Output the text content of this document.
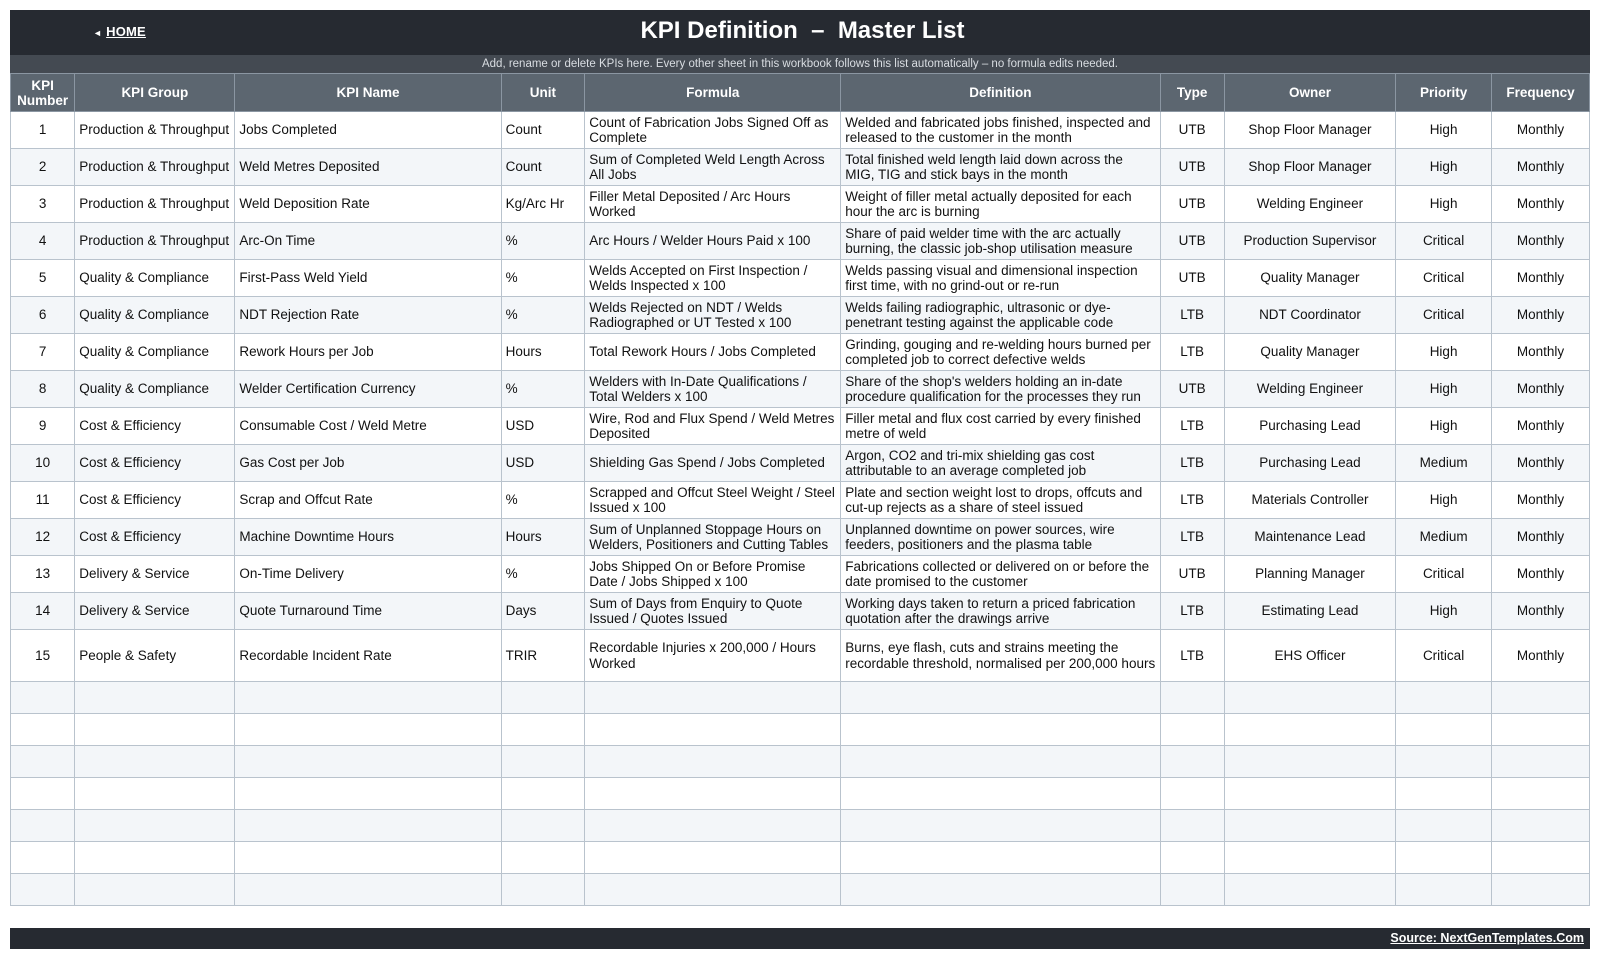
◄ HOME	KPI Definition  –  Master List
Add, rename or delete KPIs here. Every other sheet in this workbook follows this list automatically – no formula edits needed.
KPI Number	KPI Group	KPI Name	Unit	Formula	Definition	Type	Owner	Priority	Frequency
1	Production & Throughput	Jobs Completed	Count	Count of Fabrication Jobs Signed Off as Complete	Welded and fabricated jobs finished, inspected and released to the customer in the month	UTB	Shop Floor Manager	High	Monthly
2	Production & Throughput	Weld Metres Deposited	Count	Sum of Completed Weld Length Across All Jobs	Total finished weld length laid down across the MIG, TIG and stick bays in the month	UTB	Shop Floor Manager	High	Monthly
3	Production & Throughput	Weld Deposition Rate	Kg/Arc Hr	Filler Metal Deposited / Arc Hours Worked	Weight of filler metal actually deposited for each hour the arc is burning	UTB	Welding Engineer	High	Monthly
4	Production & Throughput	Arc-On Time	%	Arc Hours / Welder Hours Paid x 100	Share of paid welder time with the arc actually burning, the classic job-shop utilisation measure	UTB	Production Supervisor	Critical	Monthly
5	Quality & Compliance	First-Pass Weld Yield	%	Welds Accepted on First Inspection / Welds Inspected x 100	Welds passing visual and dimensional inspection first time, with no grind-out or re-run	UTB	Quality Manager	Critical	Monthly
6	Quality & Compliance	NDT Rejection Rate	%	Welds Rejected on NDT / Welds Radiographed or UT Tested x 100	Welds failing radiographic, ultrasonic or dye-penetrant testing against the applicable code	LTB	NDT Coordinator	Critical	Monthly
7	Quality & Compliance	Rework Hours per Job	Hours	Total Rework Hours / Jobs Completed	Grinding, gouging and re-welding hours burned per completed job to correct defective welds	LTB	Quality Manager	High	Monthly
8	Quality & Compliance	Welder Certification Currency	%	Welders with In-Date Qualifications / Total Welders x 100	Share of the shop's welders holding an in-date procedure qualification for the processes they run	UTB	Welding Engineer	High	Monthly
9	Cost & Efficiency	Consumable Cost / Weld Metre	USD	Wire, Rod and Flux Spend / Weld Metres Deposited	Filler metal and flux cost carried by every finished metre of weld	LTB	Purchasing Lead	High	Monthly
10	Cost & Efficiency	Gas Cost per Job	USD	Shielding Gas Spend / Jobs Completed	Argon, CO2 and tri-mix shielding gas cost attributable to an average completed job	LTB	Purchasing Lead	Medium	Monthly
11	Cost & Efficiency	Scrap and Offcut Rate	%	Scrapped and Offcut Steel Weight / Steel Issued x 100	Plate and section weight lost to drops, offcuts and cut-up rejects as a share of steel issued	LTB	Materials Controller	High	Monthly
12	Cost & Efficiency	Machine Downtime Hours	Hours	Sum of Unplanned Stoppage Hours on Welders, Positioners and Cutting Tables	Unplanned downtime on power sources, wire feeders, positioners and the plasma table	LTB	Maintenance Lead	Medium	Monthly
13	Delivery & Service	On-Time Delivery	%	Jobs Shipped On or Before Promise Date / Jobs Shipped x 100	Fabrications collected or delivered on or before the date promised to the customer	UTB	Planning Manager	Critical	Monthly
14	Delivery & Service	Quote Turnaround Time	Days	Sum of Days from Enquiry to Quote Issued / Quotes Issued	Working days taken to return a priced fabrication quotation after the drawings arrive	LTB	Estimating Lead	High	Monthly
15	People & Safety	Recordable Incident Rate	TRIR	Recordable Injuries x 200,000 / Hours Worked	Burns, eye flash, cuts and strains meeting the recordable threshold, normalised per 200,000 hours	LTB	EHS Officer	Critical	Monthly

Source: NextGenTemplates.Com
